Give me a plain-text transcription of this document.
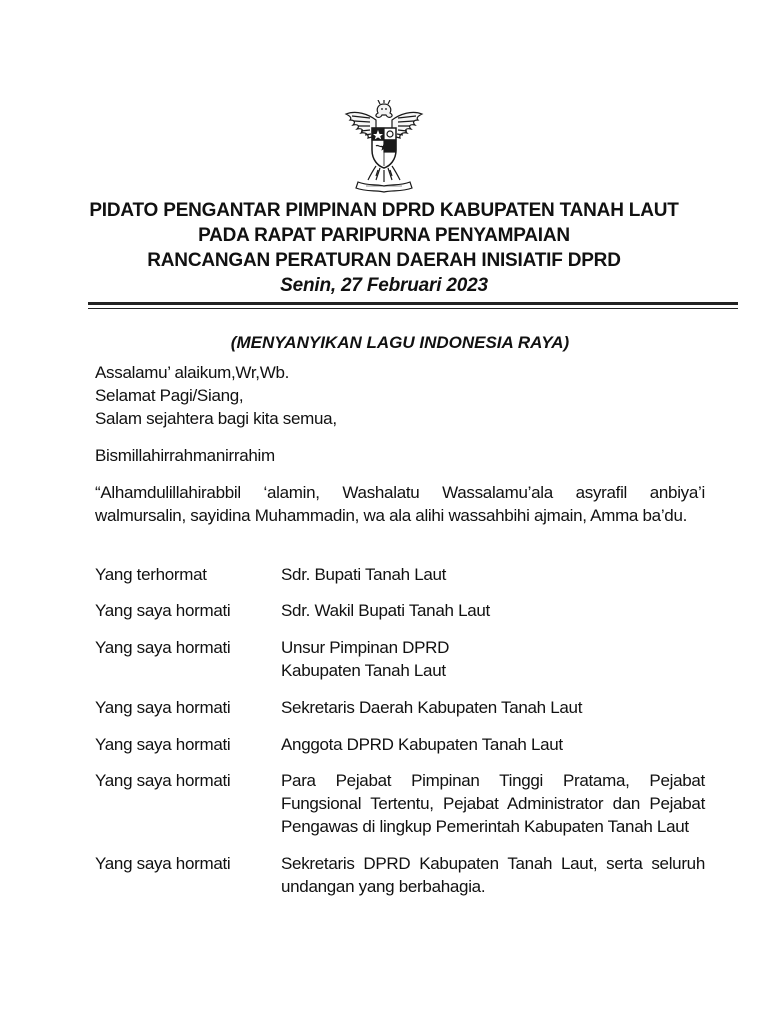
PIDATO PENGANTAR PIMPINAN DPRD KABUPATEN TANAH LAUT
PADA RAPAT PARIPURNA PENYAMPAIAN
RANCANGAN PERATURAN DAERAH INISIATIF DPRD
Senin, 27 Februari 2023
(MENYANYIKAN LAGU INDONESIA RAYA)
Assalamu’ alaikum,Wr,Wb.
Selamat Pagi/Siang,
Salam sejahtera bagi kita semua,
Bismillahirrahmanirrahim
“Alhamdulillahirabbil ‘alamin, Washalatu Wassalamu’ala asyrafil anbiya’i walmursalin, sayidina Muhammadin, wa ala alihi wassahbihi ajmain, Amma ba’du.
Yang terhormat	Sdr. Bupati Tanah Laut
Yang saya hormati	Sdr. Wakil Bupati Tanah Laut
Yang saya hormati	Unsur Pimpinan DPRD
Kabupaten Tanah Laut
Yang saya hormati	Sekretaris Daerah Kabupaten Tanah Laut
Yang saya hormati	Anggota DPRD Kabupaten Tanah Laut
Yang saya hormati	Para Pejabat Pimpinan Tinggi Pratama, Pejabat Fungsional Tertentu, Pejabat Administrator dan Pejabat Pengawas di lingkup Pemerintah Kabupaten Tanah Laut
Yang saya hormati	Sekretaris DPRD Kabupaten Tanah Laut, serta seluruh undangan yang berbahagia.
